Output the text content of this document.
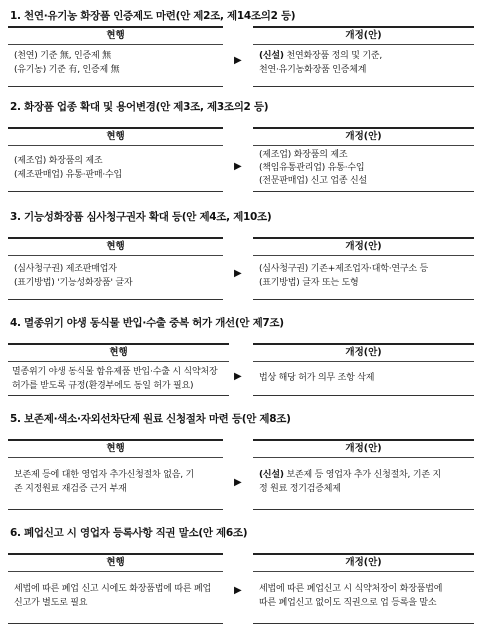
1. 천연·유기농 화장품 인증제도 마련(안 제2조, 제14조의2 등)
현행
(천연) 기준 無, 인증제 無
(유기농) 기준 有, 인증제 無
▶
개정(안)
(신설) 천연화장품 정의 및 기준,
천연·유기농화장품 인증체계
2. 화장품 업종 확대 및 용어변경(안 제3조, 제3조의2 등)
현행
(제조업) 화장품의 제조
(제조판매업) 유통·판매·수입
▶
개정(안)
(제조업) 화장품의 제조
(책임유통관리업) 유통·수입
(전문판매업) 신고 업종 신설
3. 기능성화장품 심사청구권자 확대 등(안 제4조, 제10조)
현행
(심사청구권) 제조판매업자
(표기방법) '기능성화장품' 글자
▶
개정(안)
(심사청구권) 기존+제조업자·대학·연구소 등
(표기방법) 글자 또는 도형
4. 멸종위기 야생 동식물 반입·수출 중복 허가 개선(안 제7조)
현행
멸종위기 야생 동식물 함유제품 반입·수출 시 식약처장
허가를 받도록 규정(환경부에도 동일 허가 필요)
▶
개정(안)
법상 해당 허가 의무 조항 삭제
5. 보존제·색소·자외선차단제 원료 신청절차 마련 등(안 제8조)
현행
보존제 등에 대한 영업자 추가신청절차 없음, 기
존 지정원료 재검증 근거 부재
▶
개정(안)
(신설) 보존제 등 영업자 추가 신청절차, 기존 지
정 원료 정기검증체제
6. 폐업신고 시 영업자 등록사항 직권 말소(안 제6조)
현행
세법에 따른 폐업 신고 시에도 화장품법에 따른 폐업
신고가 별도로 필요
▶
개정(안)
세법에 따른 폐업신고 시 식약처장이 화장품법에
따른 폐업신고 없이도 직권으로 업 등록을 말소
